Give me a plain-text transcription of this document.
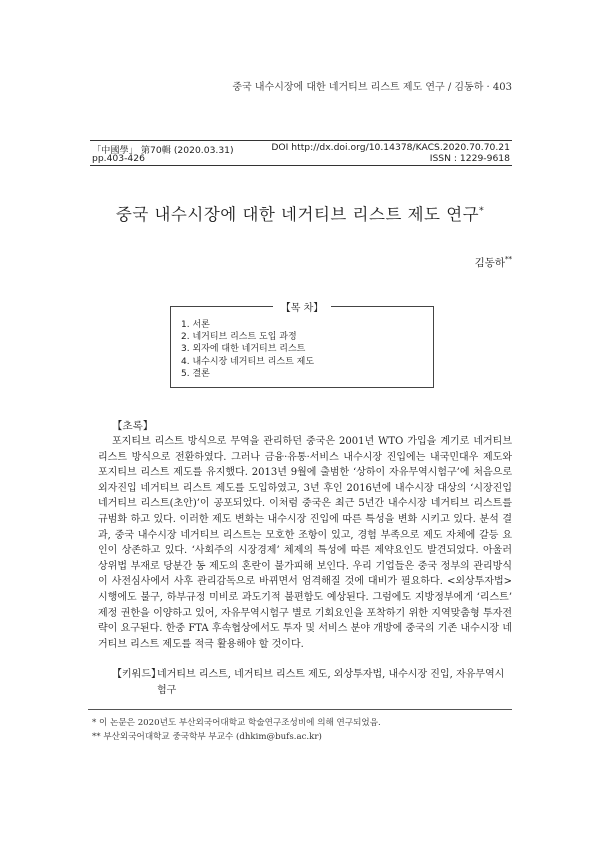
중국 내수시장에 대한 네거티브 리스트 제도 연구 / 김동하 · 403
「中國學」 第70輯 (2020.03.31)	DOI http://dx.doi.org/10.14378/KACS.2020.70.70.21
pp.403-426	ISSN : 1229-9618
중국 내수시장에 대한 네거티브 리스트 제도 연구*
김동하**
【목 차】
1. 서론
2. 네거티브 리스트 도입 과정
3. 외자에 대한 네거티브 리스트
4. 내수시장 네거티브 리스트 제도
5. 결론
【초록】

포지티브 리스트 방식으로 무역을 관리하던 중국은 2001년 WTO 가입을 계기로 네거티브 리스트 방식으로 전환하였다. 그러나 금융·유통·서비스 내수시장 진입에는 내국민대우 제도와 포지티브 리스트 제도를 유지했다. 2013년 9월에 출범한 ‘상하이 자유무역시험구’에 처음으로 외자진입 네거티브 리스트 제도를 도입하였고, 3년 후인 2016년에 내수시장 대상의 ‘시장진입 네거티브 리스트(초안)’이 공포되었다. 이처럼 중국은 최근 5년간 내수시장 네거티브 리스트를 규범화 하고 있다. 이러한 제도 변화는 내수시장 진입에 따른 특성을 변화 시키고 있다. 분석 결과, 중국 내수시장 네거티브 리스트는 모호한 조항이 있고, 경험 부족으로 제도 자체에 갈등 요인이 상존하고 있다. ‘사회주의 시장경제’ 체제의 특성에 따른 제약요인도 발견되었다. 아울러 상위법 부재로 당분간 동 제도의 혼란이 불가피해 보인다. 우리 기업들은 중국 정부의 관리방식이 사전심사에서 사후 관리감독으로 바뀌면서 엄격해질 것에 대비가 필요하다. <외상투자법> 시행에도 불구, 하부규정 미비로 과도기적 불편함도 예상된다. 그럼에도 지방정부에게 ‘리스트’ 제정 권한을 이양하고 있어, 자유무역시험구 별로 기회요인을 포착하기 위한 지역맞춤형 투자전략이 요구된다. 한중 FTA 후속협상에서도 투자 및 서비스 분야 개방에 중국의 기존 내수시장 네거티브 리스트 제도를 적극 활용해야 할 것이다.

【키워드】
네거티브 리스트, 네거티브 리스트 제도, 외상투자법, 내수시장 진입, 자유무역시험구
* 이 논문은 2020년도 부산외국어대학교 학술연구조성비에 의해 연구되었음.
** 부산외국어대학교 중국학부 부교수 (dhkim@bufs.ac.kr)
